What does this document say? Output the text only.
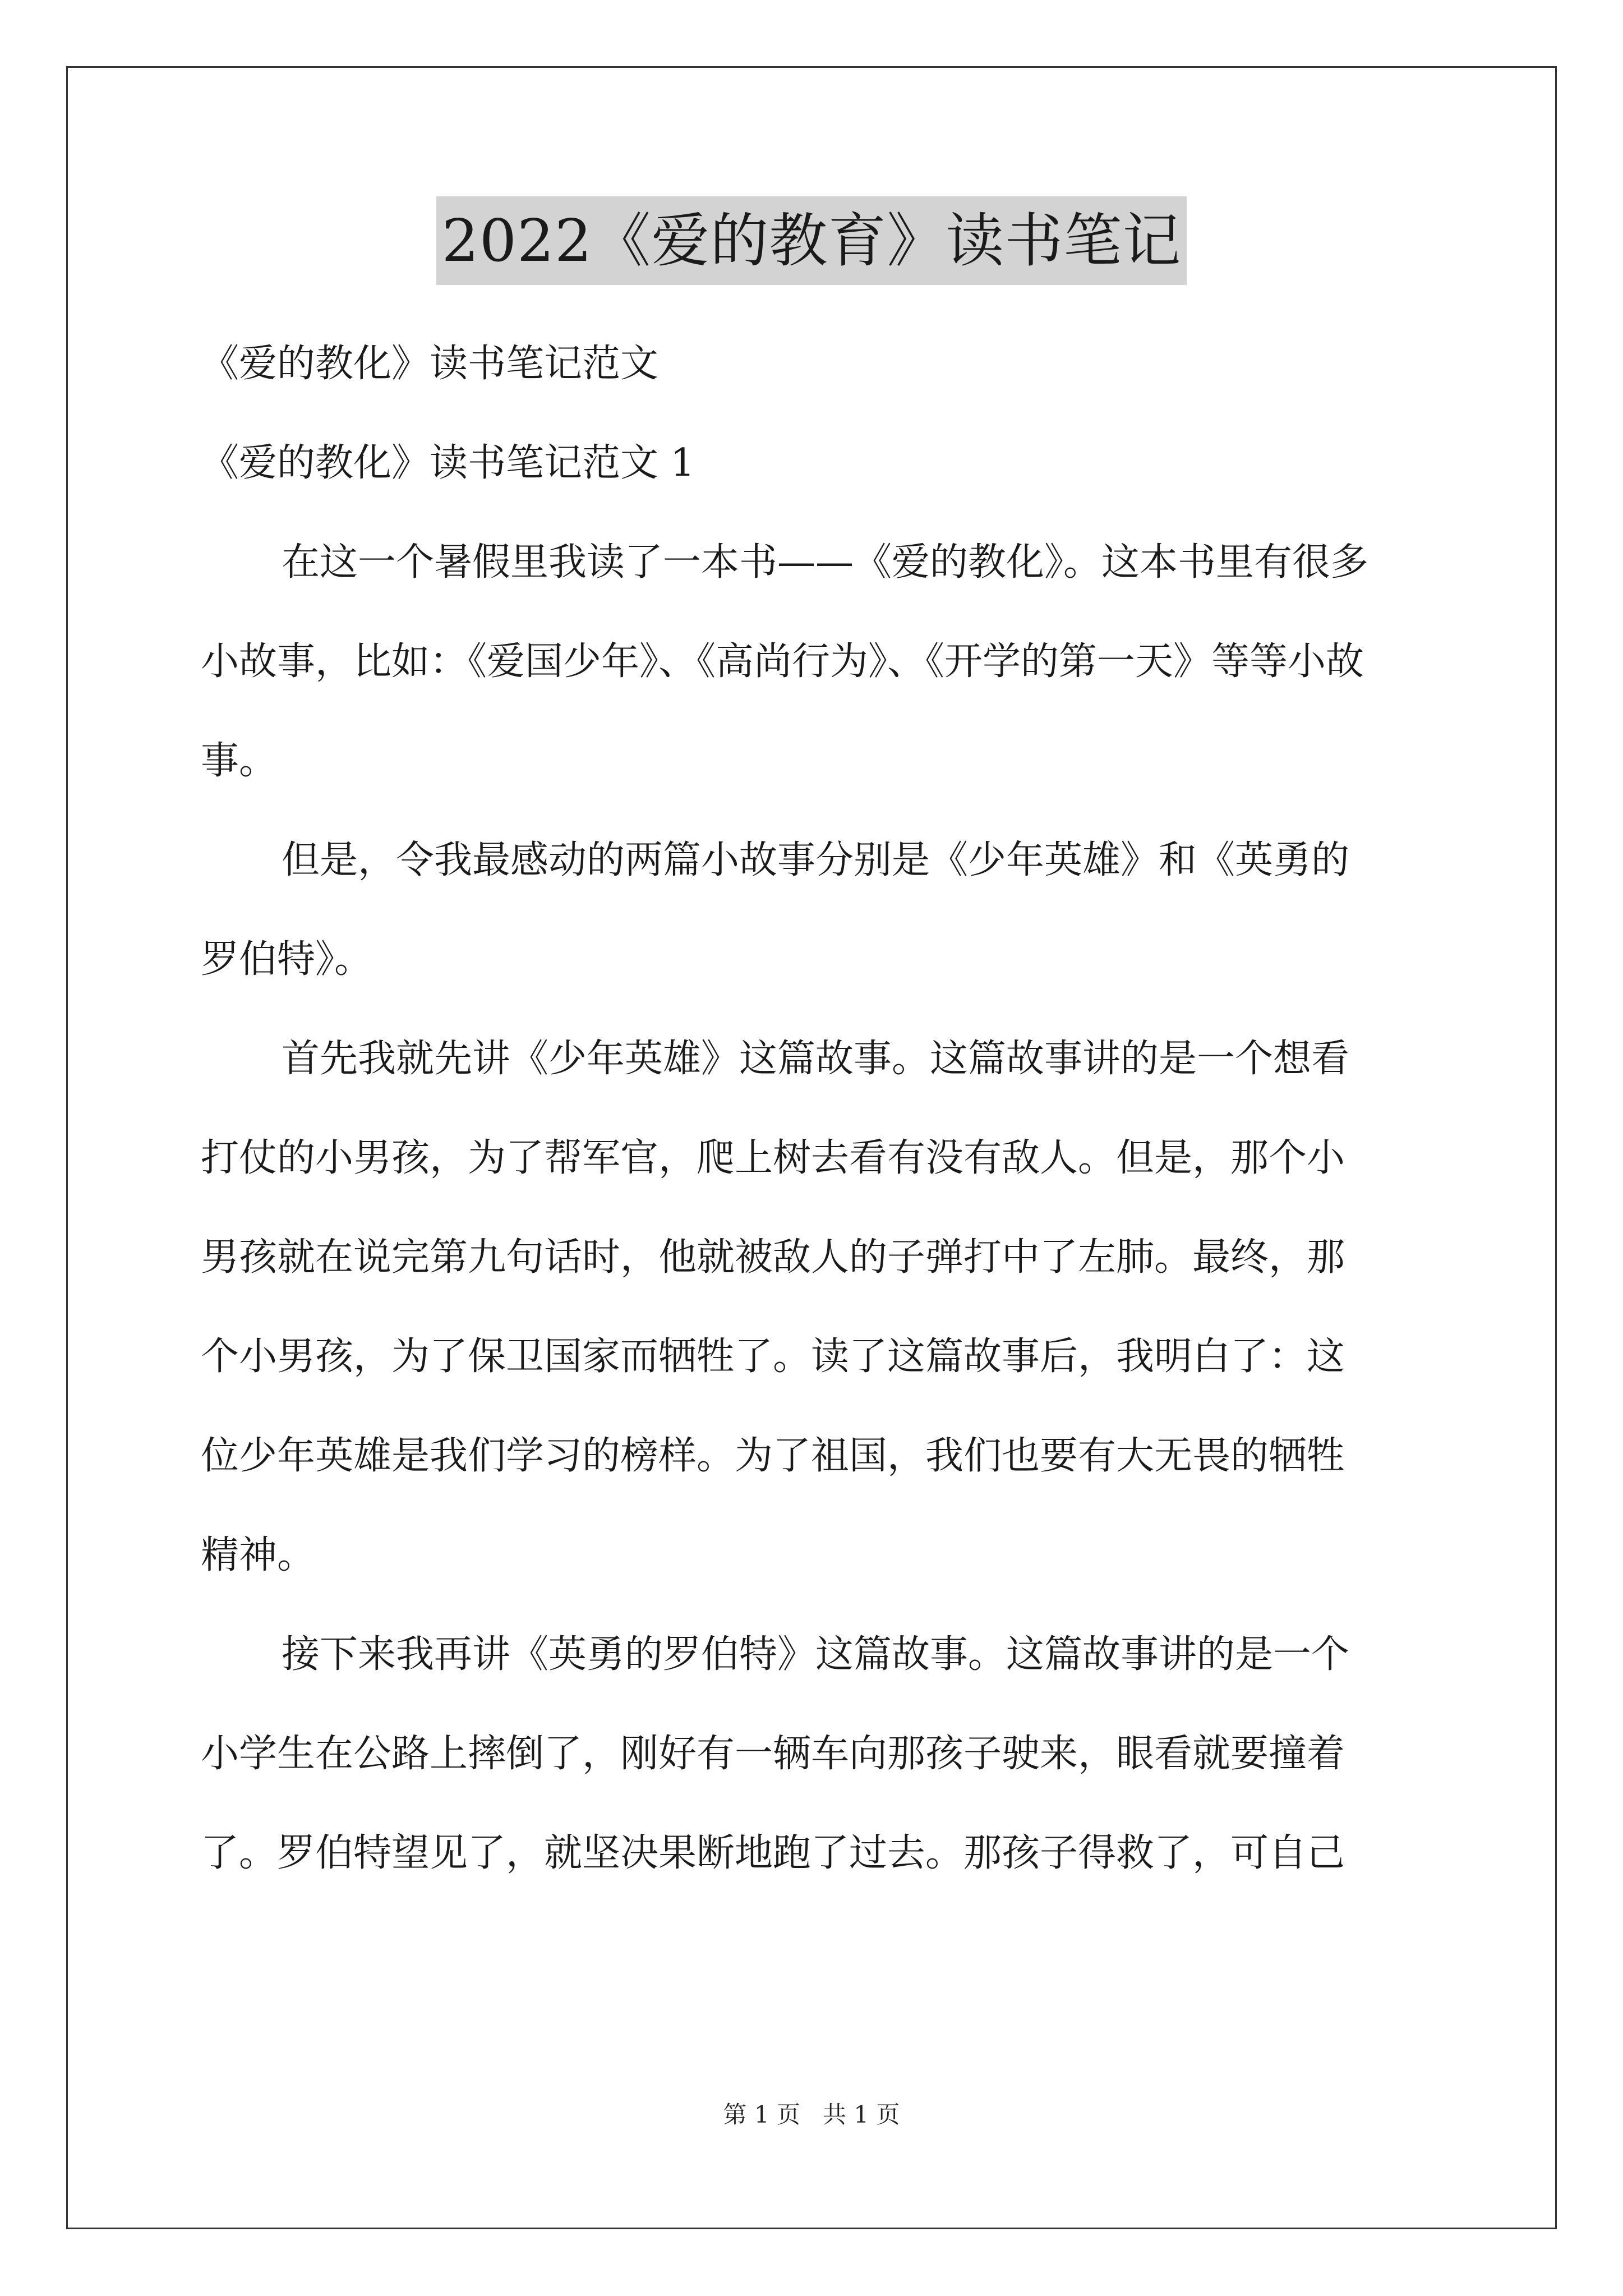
2022《爱的教育》读书笔记
《爱的教化》读书笔记范文
《爱的教化》读书笔记范文 1
在这一个暑假里我读了一本书——《爱的教化》。这本书里有很多
小故事，比如：《爱国少年》、《高尚行为》、《开学的第一天》等等小故
事。
但是，令我最感动的两篇小故事分别是《少年英雄》和《英勇的
罗伯特》。
首先我就先讲《少年英雄》这篇故事。这篇故事讲的是一个想看
打仗的小男孩，为了帮军官，爬上树去看有没有敌人。但是，那个小
男孩就在说完第九句话时，他就被敌人的子弹打中了左肺。最终，那
个小男孩，为了保卫国家而牺牲了。读了这篇故事后，我明白了：这
位少年英雄是我们学习的榜样。为了祖国，我们也要有大无畏的牺牲
精神。
接下来我再讲《英勇的罗伯特》这篇故事。这篇故事讲的是一个
小学生在公路上摔倒了，刚好有一辆车向那孩子驶来，眼看就要撞着
了。罗伯特望见了，就坚决果断地跑了过去。那孩子得救了，可自己
第 1 页 共 1 页
